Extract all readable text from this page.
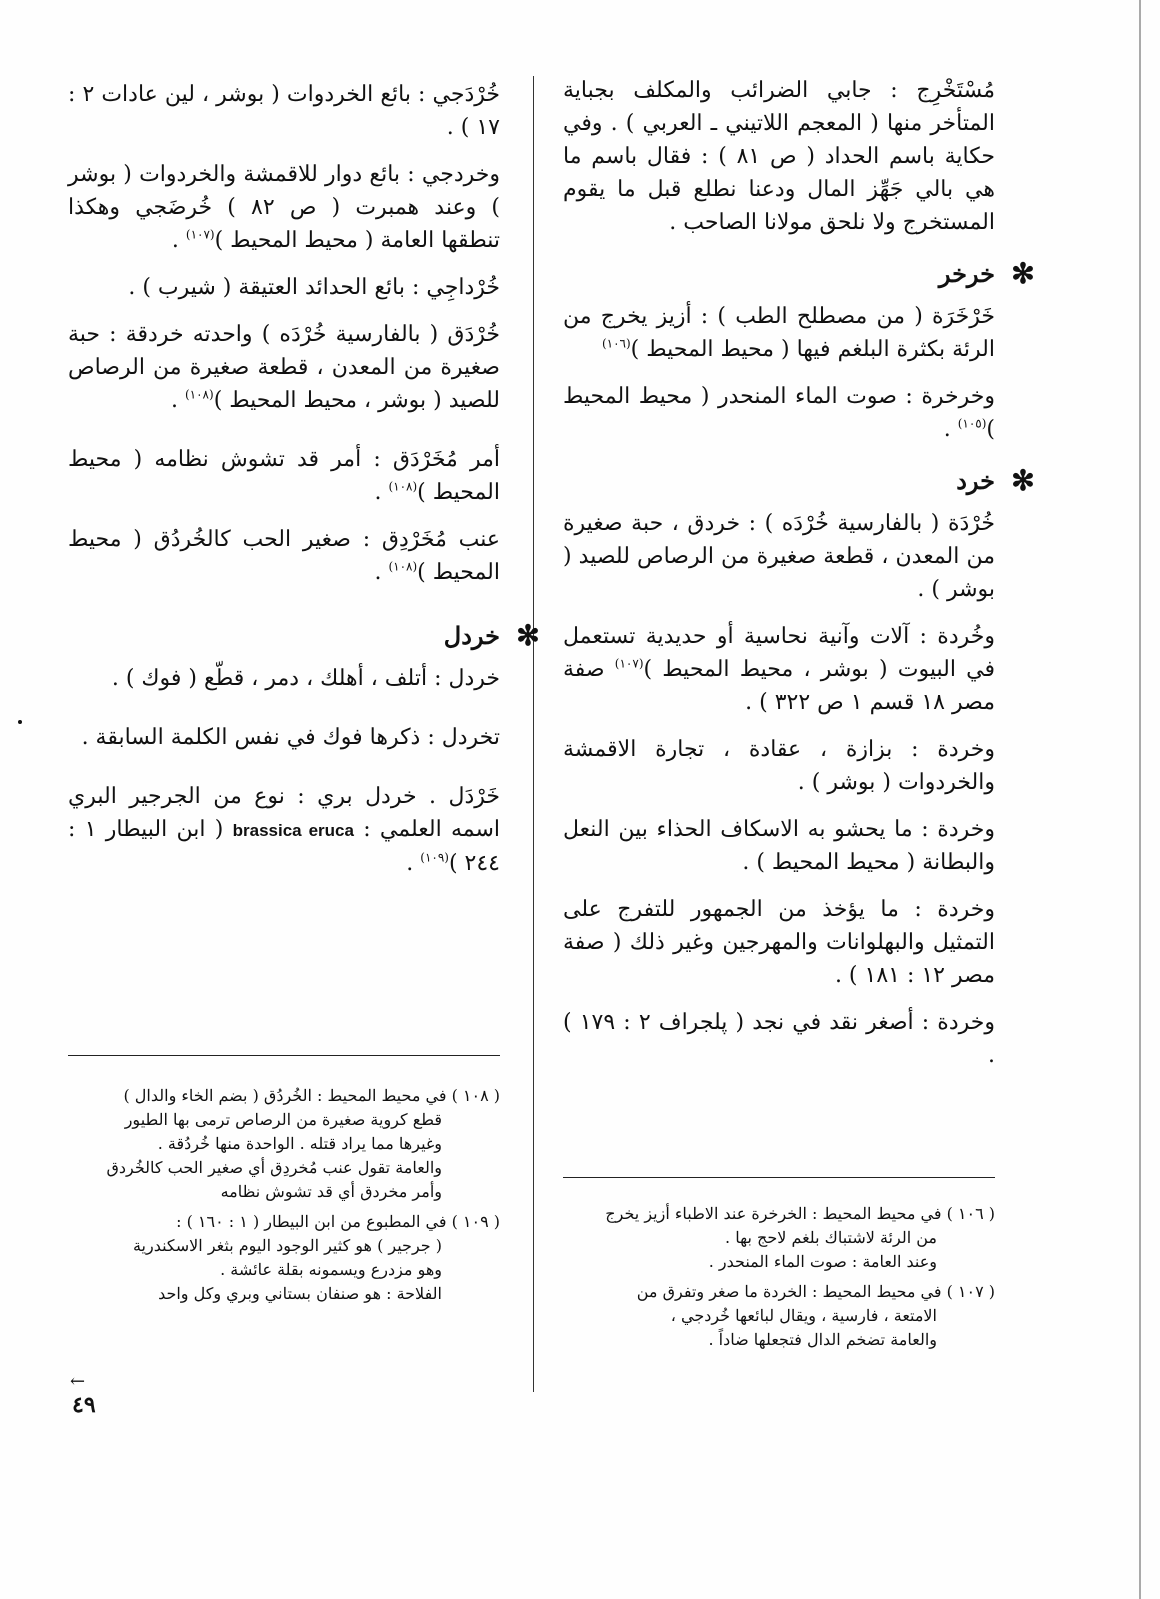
مُسْتَخْرِج : جابي الضرائب والمكلف بجباية المتأخر منها ( المعجم اللاتيني ـ العربي ) . وفي حكاية باسم الحداد ( ص ٨١ ) : فقال باسم ما هي بالي جَهِّز المال ودعنا نطلع قبل ما يقوم المستخرج ولا نلحق مولانا الصاحب .

✻
خرخر

خَرْخَرَة ( من مصطلح الطب ) : أزيز يخرج من الرئة بكثرة البلغم فيها ( محيط المحيط )$^{(١٠٦)}$

وخرخرة : صوت الماء المنحدر ( محيط المحيط )$^{(١٠٥)}$ .

✻
خرد

خُرْدَة ( بالفارسية خُرْدَه ) : خردق ، حبة صغيرة من المعدن ، قطعة صغيرة من الرصاص للصيد ( بوشر ) .

وخُردة : آلات وآنية نحاسية أو حديدية تستعمل في البيوت ( بوشر ، محيط المحيط )$^{(١٠٧)}$ صفة مصر ١٨ قسم ١ ص ٣٢٢ ) .

وخردة : بزازة ، عقادة ، تجارة الاقمشة والخردوات ( بوشر ) .

وخردة : ما يحشو به الاسكاف الحذاء بين النعل والبطانة ( محيط المحيط ) .

وخردة : ما يؤخذ من الجمهور للتفرج على التمثيل والبهلوانات والمهرجين وغير ذلك ( صفة مصر ١٢ : ١٨١ ) .

وخردة : أصغر نقد في نجد ( پلجراف ٢ : ١٧٩ ) .

( ١٠٦ ) في محيط المحيط : الخرخرة عند الاطباء أزيز يخرج
من الرئة لاشتباك بلغم لاحج بها .
وعند العامة : صوت الماء المنحدر .
( ١٠٧ ) في محيط المحيط : الخردة ما صغر وتفرق من
الامتعة ، فارسية ، ويقال لبائعها خُردجي ،
والعامة تضخم الدال فتجعلها ضاداً .

خُرْدَجي : بائع الخردوات ( بوشر ، لين عادات ٢ : ١٧ ) .

وخردجي : بائع دوار للاقمشة والخردوات ( بوشر ) وعند همبرت ( ص ٨٢ ) خُرضَجي وهكذا تنطقها العامة ( محيط المحيط )$^{(١٠٧)}$ .

خُرْداجِي : بائع الحدائد العتيقة ( شيرب ) .

خُرْدَق ( بالفارسية خُرْدَه ) واحدته خردقة : حبة صغيرة من المعدن ، قطعة صغيرة من الرصاص للصيد ( بوشر ، محيط المحيط )$^{(١٠٨)}$ .

أمر مُخَرْدَق : أمر قد تشوش نظامه ( محيط المحيط )$^{(١٠٨)}$ .

عنب مُخَرْدِق : صغير الحب كالخُردُق ( محيط المحيط )$^{(١٠٨)}$ .

✻
خردل

خردل : أتلف ، أهلك ، دمر ، قطّع ( فوك ) .

تخردل : ذكرها فوك في نفس الكلمة السابقة .

خَرْدَل . خردل بري : نوع من الجرجير البري اسمه العلمي : brassica eruca ( ابن البيطار ١ : ٢٤٤ )$^{(١٠٩)}$ .

( ١٠٨ ) في محيط المحيط : الخُردُق ( بضم الخاء والدال )
قطع كروية صغيرة من الرصاص ترمى بها الطيور
وغيرها مما يراد قتله . الواحدة منها خُردُقة .
والعامة تقول عنب مُخردِق أي صغير الحب كالخُردق
وأمر مخردق أي قد تشوش نظامه
( ١٠٩ ) في المطبوع من ابن البيطار ( ١ : ١٦٠ ) :
( جرجير ) هو كثير الوجود اليوم بثغر الاسكندرية
وهو مزدرع ويسمونه بقلة عائشة .
الفلاحة : هو صنفان بستاني وبري وكل واحد
←
٤٩
